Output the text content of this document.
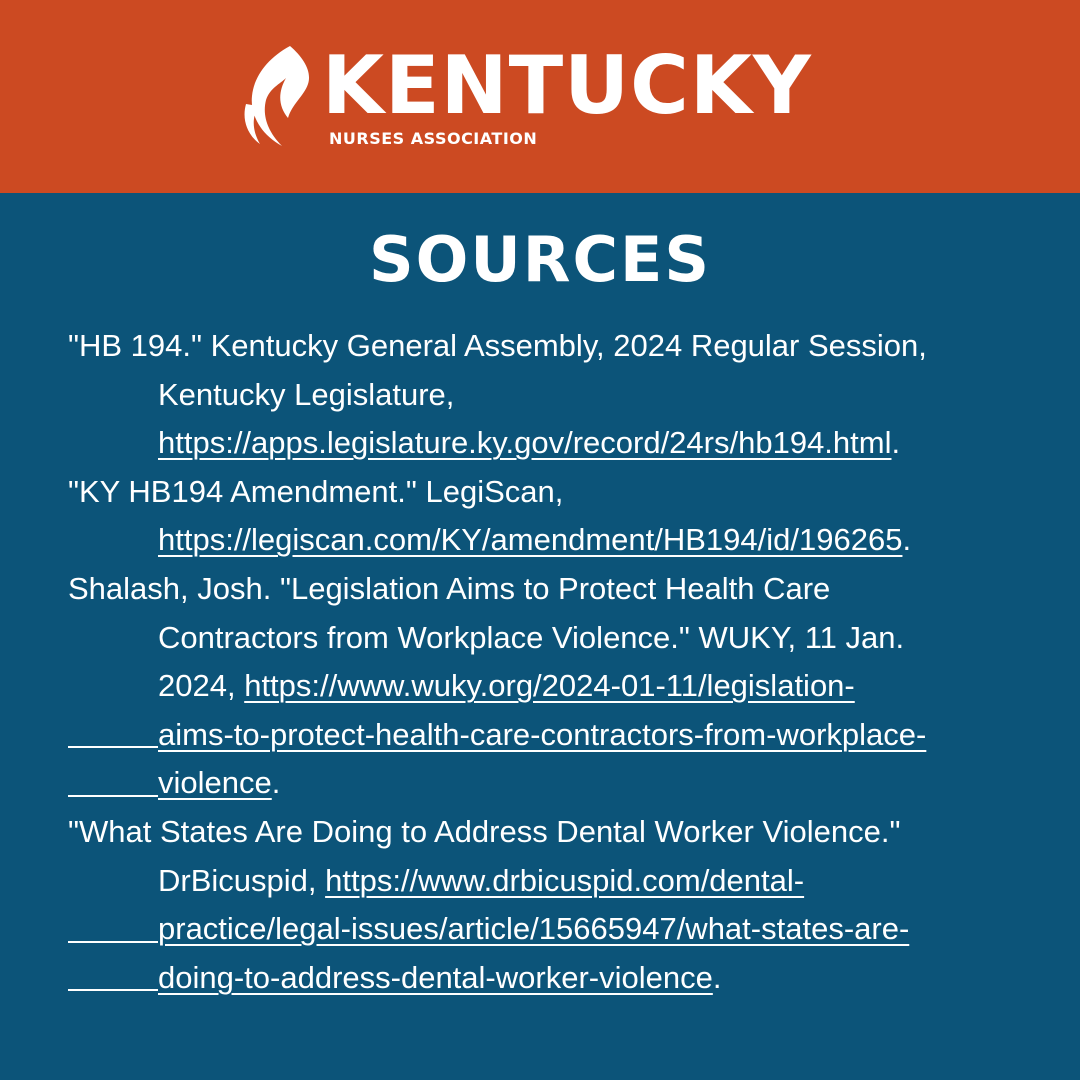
KENTUCKY
NURSES ASSOCIATION
SOURCES
"HB 194." Kentucky General Assembly, 2024 Regular Session,
Kentucky Legislature,
https://apps.legislature.ky.gov/record/24rs/hb194.html.
"KY HB194 Amendment." LegiScan,
https://legiscan.com/KY/amendment/HB194/id/196265.
Shalash, Josh. "Legislation Aims to Protect Health Care
Contractors from Workplace Violence." WUKY, 11 Jan.
2024, https://www.wuky.org/2024-01-11/legislation-
aims-to-protect-health-care-contractors-from-workplace-
violence.
"What States Are Doing to Address Dental Worker Violence."
DrBicuspid, https://www.drbicuspid.com/dental-
practice/legal-issues/article/15665947/what-states-are-
doing-to-address-dental-worker-violence.
